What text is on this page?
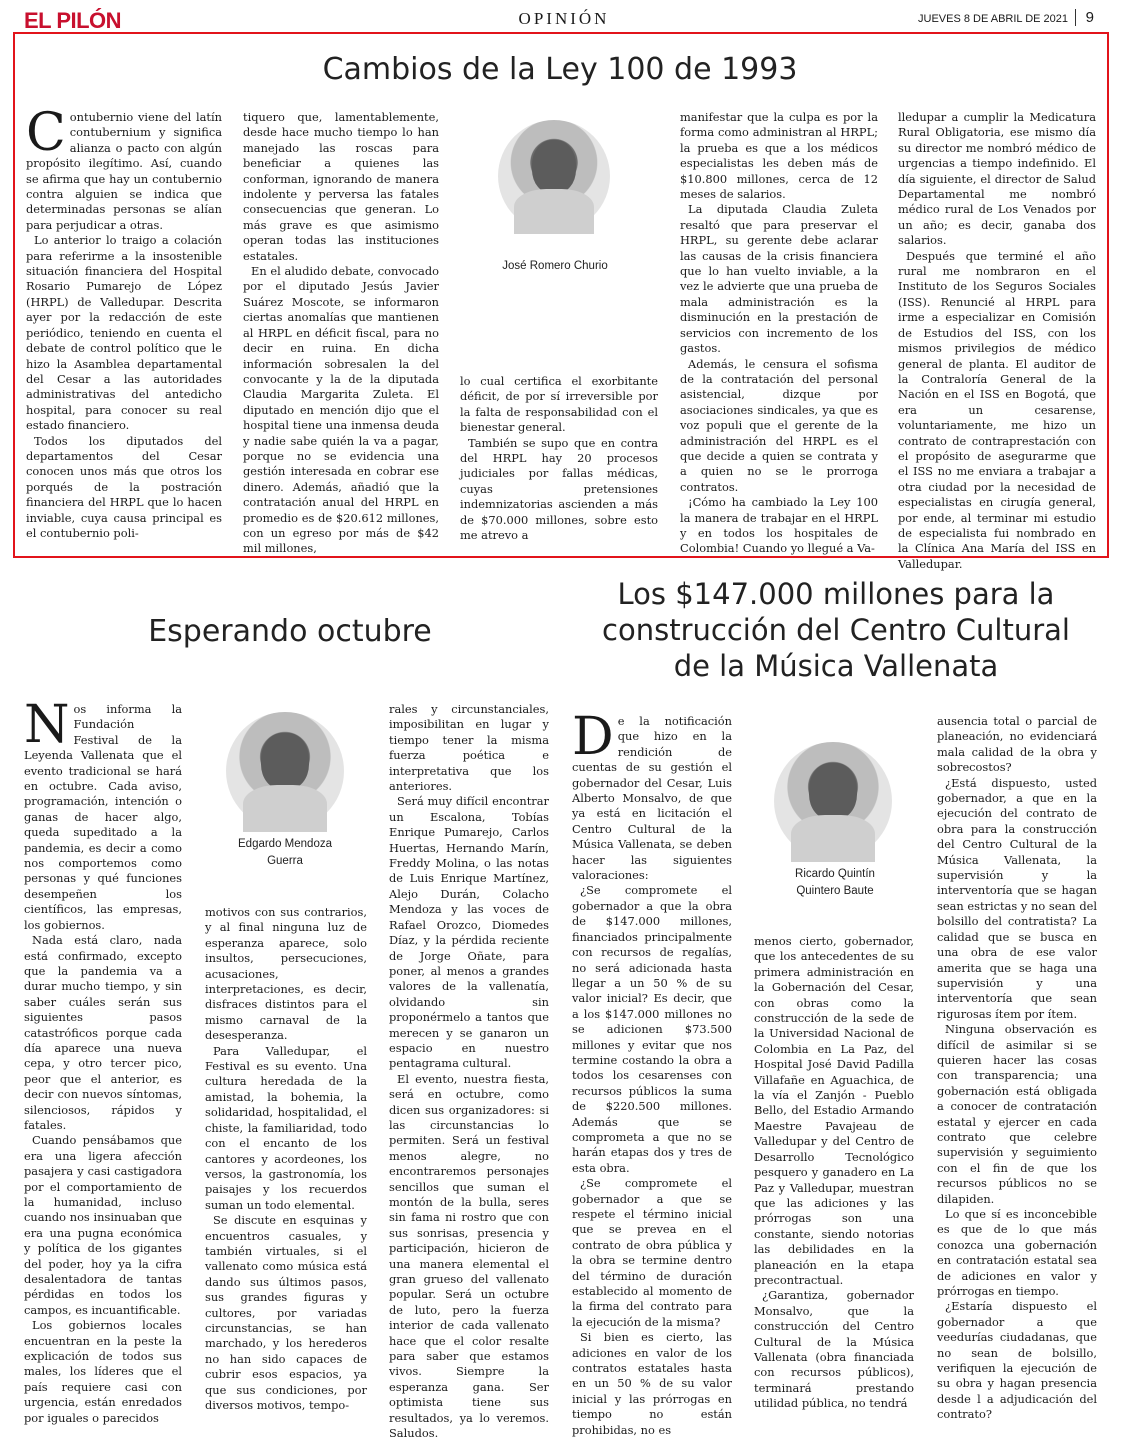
EL PILÓN	OPINIÓN	JUEVES 8 DE ABRIL DE 2021	9
Cambios de la Ley 100 de 1993

Contubernio viene del latín contubernium y significa alianza o pacto con algún propósito ilegítimo. Así, cuando se afirma que hay un contubernio contra alguien se indica que determinadas personas se alían para perjudicar a otras.

Lo anterior lo traigo a colación para referirme a la insostenible situación financiera del Hospital Rosario Pumarejo de López (HRPL) de Valledupar. Descrita ayer por la redacción de este periódico, teniendo en cuenta el debate de control político que le hizo la Asamblea departamental del Cesar a las autoridades administrativas del antedicho hospital, para conocer su real estado financiero.

Todos los diputados del departamentos del Cesar conocen unos más que otros los porqués de la postración financiera del HRPL que lo hacen inviable, cuya causa principal es el contubernio poli-

tiquero que, lamentablemente, desde hace mucho tiempo lo han manejado las roscas para beneficiar a quienes las conforman, ignorando de manera indolente y perversa las fatales consecuencias que generan. Lo más grave es que asimismo operan todas las instituciones estatales.

En el aludido debate, convocado por el diputado Jesús Javier Suárez Moscote, se informaron ciertas anomalías que mantienen al HRPL en déficit fiscal, para no decir en ruina. En dicha información sobresalen la del convocante y la de la diputada Claudia Margarita Zuleta. El diputado en mención dijo que el hospital tiene una inmensa deuda y nadie sabe quién la va a pagar, porque no se evidencia una gestión interesada en cobrar ese dinero. Además, añadió que la contratación anual del HRPL en promedio es de $20.612 millones, con un egreso por más de $42 mil millones,

José Romero Churio

lo cual certifica el exorbitante déficit, de por sí irreversible por la falta de responsabilidad con el bienestar general.

También se supo que en contra del HRPL hay 20 procesos judiciales por fallas médicas, cuyas pretensiones indemnizatorias ascienden a más de $70.000 millones, sobre esto me atrevo a

manifestar que la culpa es por la forma como administran al HRPL; la prueba es que a los médicos especialistas les deben más de $10.800 millones, cerca de 12 meses de salarios.

La diputada Claudia Zuleta resaltó que para preservar el HRPL, su gerente debe aclarar las causas de la crisis financiera que lo han vuelto inviable, a la vez le advierte que una prueba de mala administración es la disminución en la prestación de servicios con incremento de los gastos.

Además, le censura el sofisma de la contratación del personal asistencial, dizque por asociaciones sindicales, ya que es voz populi que el gerente de la administración del HRPL es el que decide a quien se contrata y a quien no se le prorroga contratos.

¡Cómo ha cambiado la Ley 100 la manera de trabajar en el HRPL y en todos los hospitales de Colombia! Cuando yo llegué a Va-

lledupar a cumplir la Medicatura Rural Obligatoria, ese mismo día su director me nombró médico de urgencias a tiempo indefinido. El día siguiente, el director de Salud Departamental me nombró médico rural de Los Venados por un año; es decir, ganaba dos salarios.

Después que terminé el año rural me nombraron en el Instituto de los Seguros Sociales (ISS). Renuncié al HRPL para irme a especializar en Comisión de Estudios del ISS, con los mismos privilegios de médico general de planta. El auditor de la Contraloría General de la Nación en el ISS en Bogotá, que era un cesarense, voluntariamente, me hizo un contrato de contraprestación con el propósito de asegurarme que el ISS no me enviara a trabajar a otra ciudad por la necesidad de especialistas en cirugía general, por ende, al terminar mi estudio de especialista fui nombrado en la Clínica Ana María del ISS en Valledupar.

Esperando octubre

Nos informa la Fundación Festival de la Leyenda Vallenata que el evento tradicional se hará en octubre. Cada aviso, programación, intención o ganas de hacer algo, queda supeditado a la pandemia, es decir a como nos comportemos como personas y qué funciones desempeñen los científicos, las empresas, los gobiernos.

Nada está claro, nada está confirmado, excepto que la pandemia va a durar mucho tiempo, y sin saber cuáles serán sus siguientes pasos catastróficos porque cada día aparece una nueva cepa, y otro tercer pico, peor que el anterior, es decir con nuevos síntomas, silenciosos, rápidos y fatales.

Cuando pensábamos que era una ligera afección pasajera y casi castigadora por el comportamiento de la humanidad, incluso cuando nos insinuaban que era una pugna económica y política de los gigantes del poder, hoy ya la cifra desalentadora de tantas pérdidas en todos los campos, es incuantificable.

Los gobiernos locales encuentran en la peste la explicación de todos sus males, los líderes que el país requiere casi con urgencia, están enredados por iguales o parecidos

Edgardo Mendoza
Guerra

motivos con sus contrarios, y al final ninguna luz de esperanza aparece, solo insultos, persecuciones, acusaciones, interpretaciones, es decir, disfraces distintos para el mismo carnaval de la desesperanza.

Para Valledupar, el Festival es su evento. Una cultura heredada de la amistad, la bohemia, la solidaridad, hospitalidad, el chiste, la familiaridad, todo con el encanto de los cantores y acordeones, los versos, la gastronomía, los paisajes y los recuerdos suman un todo elemental.

Se discute en esquinas y encuentros casuales, y también virtuales, si el vallenato como música está dando sus últimos pasos, sus grandes figuras y cultores, por variadas circunstancias, se han marchado, y los herederos no han sido capaces de cubrir esos espacios, ya que sus condiciones, por diversos motivos, tempo-

rales y circunstanciales, imposibilitan en lugar y tiempo tener la misma fuerza poética e interpretativa que los anteriores.

Será muy difícil encontrar un Escalona, Tobías Enrique Pumarejo, Carlos Huertas, Hernando Marín, Freddy Molina, o las notas de Luis Enrique Martínez, Alejo Durán, Colacho Mendoza y las voces de Rafael Orozco, Diomedes Díaz, y la pérdida reciente de Jorge Oñate, para poner, al menos a grandes valores de la vallenatía, olvidando sin proponérmelo a tantos que merecen y se ganaron un espacio en nuestro pentagrama cultural.

El evento, nuestra fiesta, será en octubre, como dicen sus organizadores: si las circunstancias lo permiten. Será un festival menos alegre, no encontraremos personajes sencillos que suman el montón de la bulla, seres sin fama ni rostro que con sus sonrisas, presencia y participación, hicieron de una manera elemental el gran grueso del vallenato popular. Será un octubre de luto, pero la fuerza interior de cada vallenato hace que el color resalte para saber que estamos vivos. Siempre la esperanza gana. Ser optimista tiene sus resultados, ya lo veremos. Saludos.

Los $147.000 millones para la
construcción del Centro Cultural
de la Música Vallenata

De la notificación que hizo en la rendición de cuentas de su gestión el gobernador del Cesar, Luis Alberto Monsalvo, de que ya está en licitación el Centro Cultural de la Música Vallenata, se deben hacer las siguientes valoraciones:

¿Se compromete el gobernador a que la obra de $147.000 millones, financiados principalmente con recursos de regalías, no será adicionada hasta llegar a un 50 % de su valor inicial? Es decir, que a los $147.000 millones no se adicionen $73.500 millones y evitar que nos termine costando la obra a todos los cesarenses con recursos públicos la suma de $220.500 millones. Además que se comprometa a que no se harán etapas dos y tres de esta obra.

¿Se compromete el gobernador a que se respete el término inicial que se prevea en el contrato de obra pública y la obra se termine dentro del término de duración establecido al momento de la firma del contrato para la ejecución de la misma?

Si bien es cierto, las adiciones en valor de los contratos estatales hasta en un 50 % de su valor inicial y las prórrogas en tiempo no están prohibidas, no es

Ricardo Quintín
Quintero Baute

menos cierto, gobernador, que los antecedentes de su primera administración en la Gobernación del Cesar, con obras como la construcción de la sede de la Universidad Nacional de Colombia en La Paz, del Hospital José David Padilla Villafañe en Aguachica, de la vía el Zanjón - Pueblo Bello, del Estadio Armando Maestre Pavajeau de Valledupar y del Centro de Desarrollo Tecnológico pesquero y ganadero en La Paz y Valledupar, muestran que las adiciones y las prórrogas son una constante, siendo notorias las debilidades en la planeación en la etapa precontractual.

¿Garantiza, gobernador Monsalvo, que la construcción del Centro Cultural de la Música Vallenata (obra financiada con recursos públicos), terminará prestando utilidad pública, no tendrá

ausencia total o parcial de planeación, no evidenciará mala calidad de la obra y sobrecostos?

¿Está dispuesto, usted gobernador, a que en la ejecución del contrato de obra para la construcción del Centro Cultural de la Música Vallenata, la supervisión y la interventoría que se hagan sean estrictas y no sean del bolsillo del contratista? La calidad que se busca en una obra de ese valor amerita que se haga una supervisión y una interventoría que sean rigurosas ítem por ítem.

Ninguna observación es difícil de asimilar si se quieren hacer las cosas con transparencia; una gobernación está obligada a conocer de contratación estatal y ejercer en cada contrato que celebre supervisión y seguimiento con el fin de que los recursos públicos no se dilapiden.

Lo que sí es inconcebible es que de lo que más conozca una gobernación en contratación estatal sea de adiciones en valor y prórrogas en tiempo.

¿Estaría dispuesto el gobernador a que veedurías ciudadanas, que no sean de bolsillo, verifiquen la ejecución de su obra y hagan presencia desde l a adjudicación del contrato?
